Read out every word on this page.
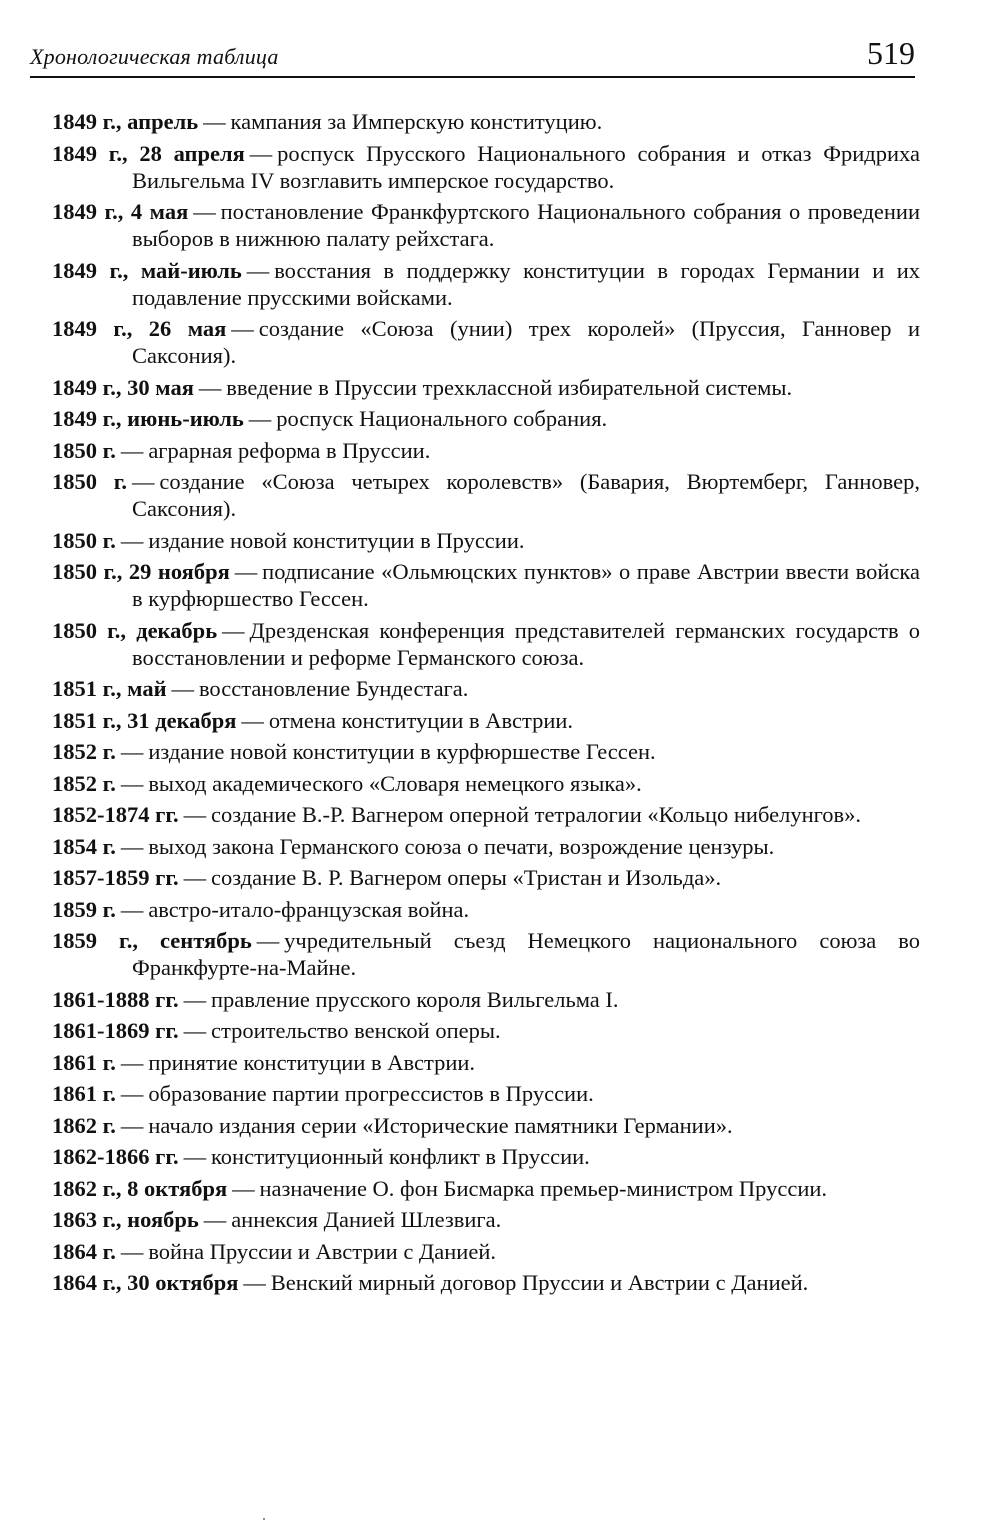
Хронологическая таблица	519
1849 г., апрель — кампания за Имперскую конституцию.
1849 г., 28 апреля — роспуск Прусского Национального собрания и отказ Фридриха Вильгельма IV возглавить имперское государство.
1849 г., 4 мая — постановление Франкфуртского Национального собрания о проведении выборов в нижнюю палату рейхстага.
1849 г., май-июль — восстания в поддержку конституции в городах Германии и их подавление прусскими войсками.
1849 г., 26 мая — создание «Союза (унии) трех королей» (Пруссия, Ганновер и Саксония).
1849 г., 30 мая — введение в Пруссии трехклассной избирательной системы.
1849 г., июнь-июль — роспуск Национального собрания.
1850 г. — аграрная реформа в Пруссии.
1850 г. — создание «Союза четырех королевств» (Бавария, Вюртемберг, Ганновер, Саксония).
1850 г. — издание новой конституции в Пруссии.
1850 г., 29 ноября — подписание «Ольмюцских пунктов» о праве Австрии ввести войска в курфюршество Гессен.
1850 г., декабрь — Дрезденская конференция представителей германских государств о восстановлении и реформе Германского союза.
1851 г., май — восстановление Бундестага.
1851 г., 31 декабря — отмена конституции в Австрии.
1852 г. — издание новой конституции в курфюршестве Гессен.
1852 г. — выход академического «Словаря немецкого языка».
1852-1874 гг. — создание В.-Р. Вагнером оперной тетралогии «Кольцо нибелунгов».
1854 г. — выход закона Германского союза о печати, возрождение цензуры.
1857-1859 гг. — создание В. Р. Вагнером оперы «Тристан и Изольда».
1859 г. — австро-итало-французская война.
1859 г., сентябрь — учредительный съезд Немецкого национального союза во Франкфурте-на-Майне.
1861-1888 гг. — правление прусского короля Вильгельма I.
1861-1869 гг. — строительство венской оперы.
1861 г. — принятие конституции в Австрии.
1861 г. — образование партии прогрессистов в Пруссии.
1862 г. — начало издания серии «Исторические памятники Германии».
1862-1866 гг. — конституционный конфликт в Пруссии.
1862 г., 8 октября — назначение О. фон Бисмарка премьер-министром Пруссии.
1863 г., ноябрь — аннексия Данией Шлезвига.
1864 г. — война Пруссии и Австрии с Данией.
1864 г., 30 октября — Венский мирный договор Пруссии и Австрии с Данией.
